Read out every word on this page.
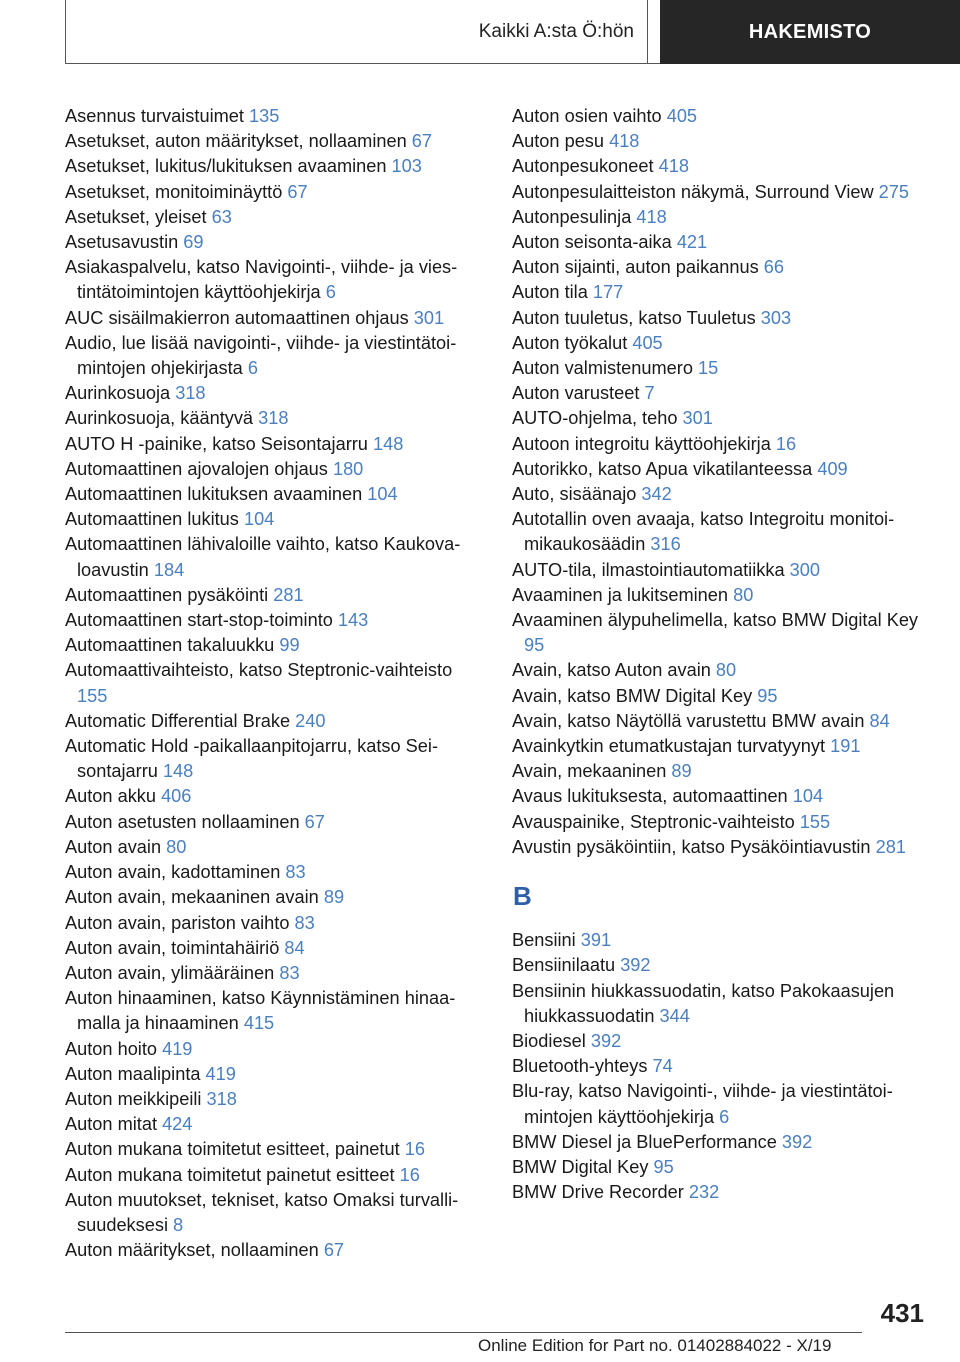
Kaikki A:sta Ö:hön	HAKEMISTO
Asennus turvaistuimet 135
Asetukset, auton määritykset, nollaaminen 67
Asetukset, lukitus/lukituksen avaaminen 103
Asetukset, monitoiminäyttö 67
Asetukset, yleiset 63
Asetusavustin 69
Asiakaspalvelu, katso Navigointi-, viihde- ja viestintätoimintojen käyttöohjekirja 6
AUC sisäilmakierron automaattinen ohjaus 301
Audio, lue lisää navigointi-, viihde- ja viestintätoimintojen ohjekirjasta 6
Aurinkosuoja 318
Aurinkosuoja, kääntyvä 318
AUTO H -painike, katso Seisontajarru 148
Automaattinen ajovalojen ohjaus 180
Automaattinen lukituksen avaaminen 104
Automaattinen lukitus 104
Automaattinen lähivaloille vaihto, katso Kaukovaloavustin 184
Automaattinen pysäköinti 281
Automaattinen start-stop-toiminto 143
Automaattinen takaluukku 99
Automaattivaihteisto, katso Steptronic-vaihteisto 155
Automatic Differential Brake 240
Automatic Hold -paikallaanpitojarru, katso Seisontajarru 148
Auton akku 406
Auton asetusten nollaaminen 67
Auton avain 80
Auton avain, kadottaminen 83
Auton avain, mekaaninen avain 89
Auton avain, pariston vaihto 83
Auton avain, toimintahäiriö 84
Auton avain, ylimääräinen 83
Auton hinaaminen, katso Käynnistäminen hinaamalla ja hinaaminen 415
Auton hoito 419
Auton maalipinta 419
Auton meikkipeili 318
Auton mitat 424
Auton mukana toimitetut esitteet, painetut 16
Auton mukana toimitetut painetut esitteet 16
Auton muutokset, tekniset, katso Omaksi turvallisuudeksesi 8
Auton määritykset, nollaaminen 67
Auton osien vaihto 405
Auton pesu 418
Autonpesukoneet 418
Autonpesulaitteiston näkymä, Surround View 275
Autonpesulinja 418
Auton seisonta-aika 421
Auton sijainti, auton paikannus 66
Auton tila 177
Auton tuuletus, katso Tuuletus 303
Auton työkalut 405
Auton valmistenumero 15
Auton varusteet 7
AUTO-ohjelma, teho 301
Autoon integroitu käyttöohjekirja 16
Autorikko, katso Apua vikatilanteessa 409
Auto, sisäänajo 342
Autotallin oven avaaja, katso Integroitu monitoimikaukosäädin 316
AUTO-tila, ilmastointiautomatiikka 300
Avaaminen ja lukitseminen 80
Avaaminen älypuhelimella, katso BMW Digital Key 95
Avain, katso Auton avain 80
Avain, katso BMW Digital Key 95
Avain, katso Näytöllä varustettu BMW avain 84
Avainkytkin etumatkustajan turvatyynyt 191
Avain, mekaaninen 89
Avaus lukituksesta, automaattinen 104
Avauspainike, Steptronic-vaihteisto 155
Avustin pysäköintiin, katso Pysäköintiavustin 281
B
Bensiini 391
Bensiinilaatu 392
Bensiinin hiukkassuodatin, katso Pakokaasujen hiukkassuodatin 344
Biodiesel 392
Bluetooth-yhteys 74
Blu-ray, katso Navigointi-, viihde- ja viestintätoimintojen käyttöohjekirja 6
BMW Diesel ja BluePerformance 392
BMW Digital Key 95
BMW Drive Recorder 232
431
Online Edition for Part no. 01402884022 - X/19
